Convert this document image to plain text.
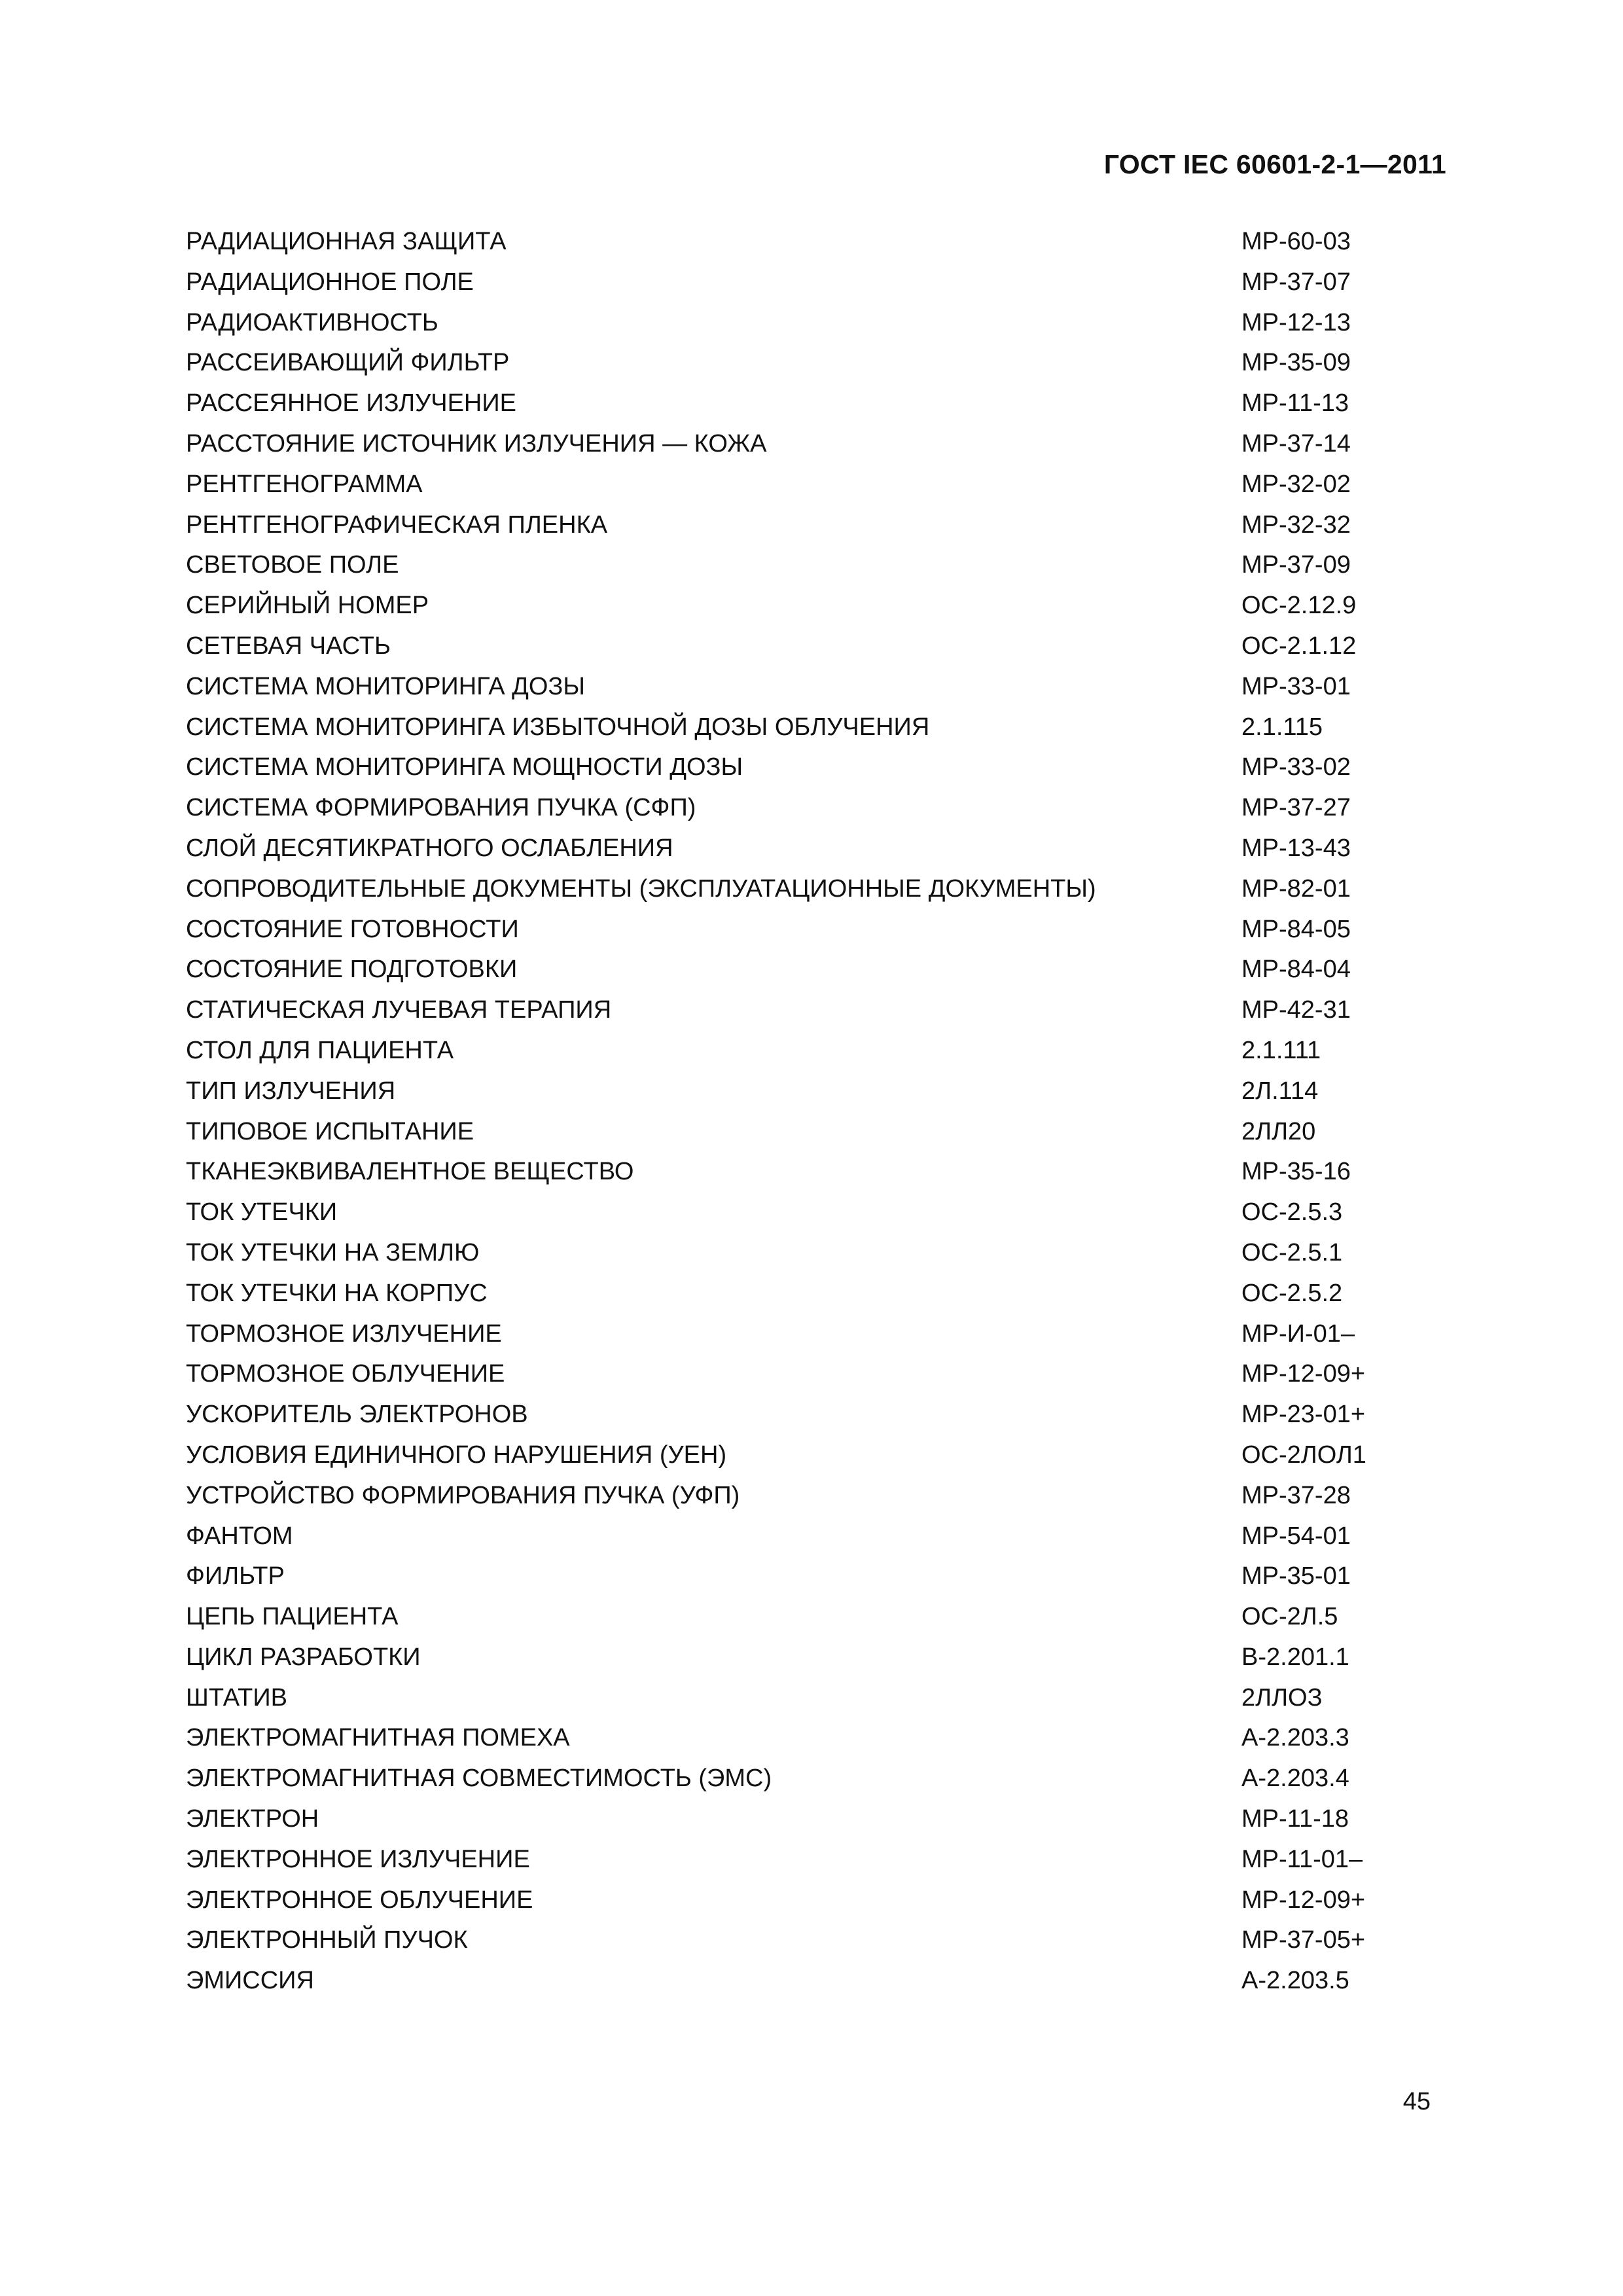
ГОСТ IEC 60601-2-1—2011
РАДИАЦИОННАЯ ЗАЩИТА	МР-60-03
РАДИАЦИОННОЕ ПОЛЕ	МР-37-07
РАДИОАКТИВНОСТЬ	МР-12-13
РАССЕИВАЮЩИЙ ФИЛЬТР	МР-35-09
РАССЕЯННОЕ ИЗЛУЧЕНИЕ	МР-11-13
РАССТОЯНИЕ ИСТОЧНИК ИЗЛУЧЕНИЯ — КОЖА	МР-37-14
РЕНТГЕНОГРАММА	МР-32-02
РЕНТГЕНОГРАФИЧЕСКАЯ ПЛЕНКА	МР-32-32
СВЕТОВОЕ ПОЛЕ	МР-37-09
СЕРИЙНЫЙ НОМЕР	ОС-2.12.9
СЕТЕВАЯ ЧАСТЬ	ОС-2.1.12
СИСТЕМА МОНИТОРИНГА ДОЗЫ	МР-33-01
СИСТЕМА МОНИТОРИНГА ИЗБЫТОЧНОЙ ДОЗЫ ОБЛУЧЕНИЯ	2.1.115
СИСТЕМА МОНИТОРИНГА МОЩНОСТИ ДОЗЫ	МР-33-02
СИСТЕМА ФОРМИРОВАНИЯ ПУЧКА (СФП)	МР-37-27
СЛОЙ ДЕСЯТИКРАТНОГО ОСЛАБЛЕНИЯ	МР-13-43
СОПРОВОДИТЕЛЬНЫЕ ДОКУМЕНТЫ (ЭКСПЛУАТАЦИОННЫЕ ДОКУМЕНТЫ)	МР-82-01
СОСТОЯНИЕ ГОТОВНОСТИ	МР-84-05
СОСТОЯНИЕ ПОДГОТОВКИ	МР-84-04
СТАТИЧЕСКАЯ ЛУЧЕВАЯ ТЕРАПИЯ	МР-42-31
СТОЛ ДЛЯ ПАЦИЕНТА	2.1.111
ТИП ИЗЛУЧЕНИЯ	2Л.114
ТИПОВОЕ ИСПЫТАНИЕ	2ЛЛ20
ТКАНЕЭКВИВАЛЕНТНОЕ ВЕЩЕСТВО	МР-35-16
ТОК УТЕЧКИ	ОС-2.5.3
ТОК УТЕЧКИ НА ЗЕМЛЮ	ОС-2.5.1
ТОК УТЕЧКИ НА КОРПУС	ОС-2.5.2
ТОРМОЗНОЕ ИЗЛУЧЕНИЕ	МР-И-01–
ТОРМОЗНОЕ ОБЛУЧЕНИЕ	МР-12-09+
УСКОРИТЕЛЬ ЭЛЕКТРОНОВ	МР-23-01+
УСЛОВИЯ ЕДИНИЧНОГО НАРУШЕНИЯ (УЕН)	ОС-2ЛОЛ1
УСТРОЙСТВО ФОРМИРОВАНИЯ ПУЧКА (УФП)	МР-37-28
ФАНТОМ	МР-54-01
ФИЛЬТР	МР-35-01
ЦЕПЬ ПАЦИЕНТА	ОС-2Л.5
ЦИКЛ РАЗРАБОТКИ	В-2.201.1
ШТАТИВ	2ЛЛОЗ
ЭЛЕКТРОМАГНИТНАЯ ПОМЕХА	А-2.203.3
ЭЛЕКТРОМАГНИТНАЯ СОВМЕСТИМОСТЬ (ЭМС)	А-2.203.4
ЭЛЕКТРОН	МР-11-18
ЭЛЕКТРОННОЕ ИЗЛУЧЕНИЕ	МР-11-01–
ЭЛЕКТРОННОЕ ОБЛУЧЕНИЕ	МР-12-09+
ЭЛЕКТРОННЫЙ ПУЧОК	МР-37-05+
ЭМИССИЯ	А-2.203.5
45
